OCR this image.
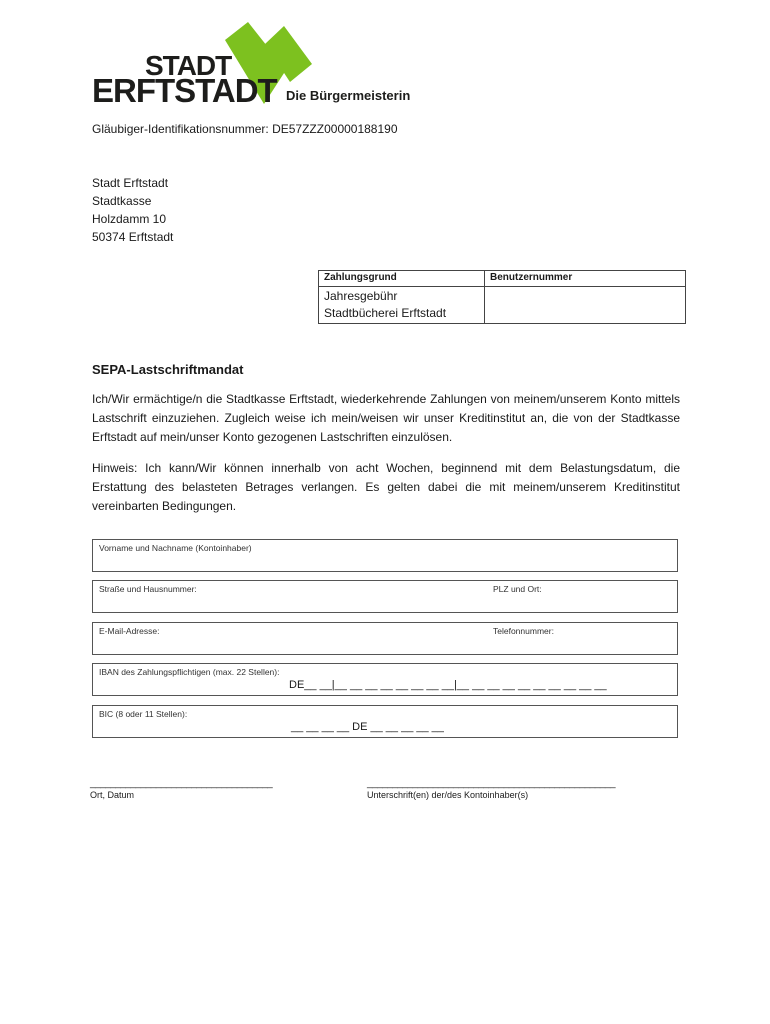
STADT
ERFTSTADT Die Bürgermeisterin
Gläubiger-Identifikationsnummer: DE57ZZZ00000188190
Stadt Erftstadt
Stadtkasse
Holzdamm 10
50374 Erftstadt
Zahlungsgrund	Benutzernummer

Jahresgebühr
Stadtbücherei Erftstadt	

SEPA-Lastschriftmandat
Ich/Wir ermächtige/n die Stadtkasse Erftstadt, wiederkehrende Zahlungen von meinem/unserem Konto mittels Lastschrift einzuziehen. Zugleich weise ich mein/weisen wir unser Kreditinstitut an, die von der Stadtkasse Erftstadt auf mein/unser Konto gezogenen Lastschriften einzulösen.
Hinweis: Ich kann/Wir können innerhalb von acht Wochen, beginnend mit dem Belastungsdatum, die Erstattung des belasteten Betrages verlangen. Es gelten dabei die mit meinem/unserem Kreditinstitut vereinbarten Bedingungen.
Vorname und Nachname (Kontoinhaber)
Straße und Hausnummer:	PLZ und Ort:
E-Mail-Adresse:	Telefonnummer:
IBAN des Zahlungspflichtigen (max. 22 Stellen):
DE__ __|__ __ __ __ __ __ __ __|__ __ __ __ __ __ __ __ __ __
BIC (8 oder 11 Stellen):
__ __ __ __ DE __ __ __ __ __
____________________________________	_________________________________________________
Ort, Datum	Unterschrift(en) der/des Kontoinhaber(s)
